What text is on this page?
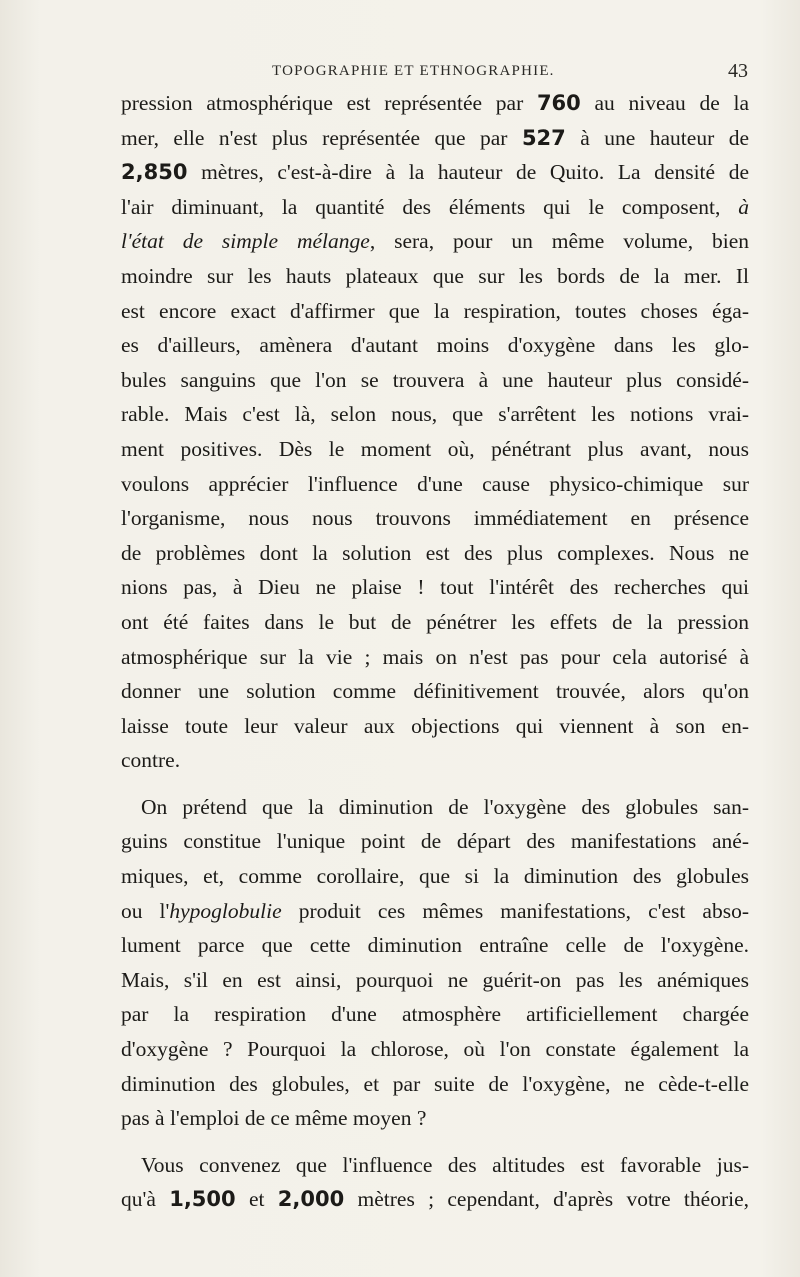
TOPOGRAPHIE ET ETHNOGRAPHIE.	43
pression atmosphérique est représentée par 760 au niveau de la
mer, elle n'est plus représentée que par 527 à une hauteur de
2,850 mètres, c'est-à-dire à la hauteur de Quito. La densité de
l'air diminuant, la quantité des éléments qui le composent, à
l'état de simple mélange, sera, pour un même volume, bien
moindre sur les hauts plateaux que sur les bords de la mer. Il
est encore exact d'affirmer que la respiration, toutes choses éga-
es d'ailleurs, amènera d'autant moins d'oxygène dans les glo-
bules sanguins que l'on se trouvera à une hauteur plus considé-
rable. Mais c'est là, selon nous, que s'arrêtent les notions vrai-
ment positives. Dès le moment où, pénétrant plus avant, nous
voulons apprécier l'influence d'une cause physico-chimique sur
l'organisme, nous nous trouvons immédiatement en présence
de problèmes dont la solution est des plus complexes. Nous ne
nions pas, à Dieu ne plaise ! tout l'intérêt des recherches qui
ont été faites dans le but de pénétrer les effets de la pression
atmosphérique sur la vie ; mais on n'est pas pour cela autorisé à
donner une solution comme définitivement trouvée, alors qu'on
laisse toute leur valeur aux objections qui viennent à son en-
contre.
On prétend que la diminution de l'oxygène des globules san-
guins constitue l'unique point de départ des manifestations ané-
miques, et, comme corollaire, que si la diminution des globules
ou l'hypoglobulie produit ces mêmes manifestations, c'est abso-
lument parce que cette diminution entraîne celle de l'oxygène.
Mais, s'il en est ainsi, pourquoi ne guérit-on pas les anémiques
par la respiration d'une atmosphère artificiellement chargée
d'oxygène ? Pourquoi la chlorose, où l'on constate également la
diminution des globules, et par suite de l'oxygène, ne cède-t-elle
pas à l'emploi de ce même moyen ?
Vous convenez que l'influence des altitudes est favorable jus-
qu'à 1,500 et 2,000 mètres ; cependant, d'après votre théorie,
